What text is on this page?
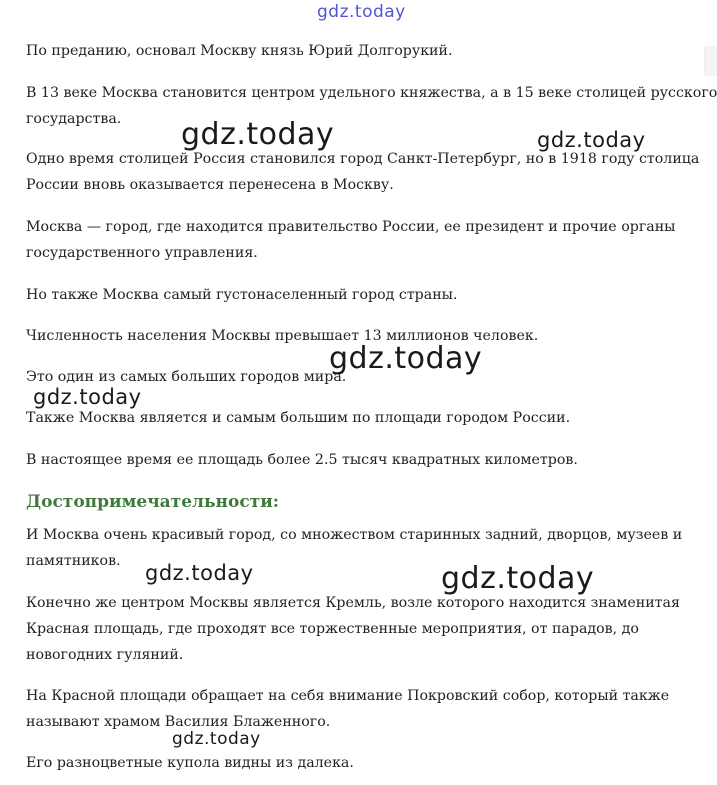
gdz.today
gdz.today	gdz.today
gdz.today
gdz.today
gdz.today	gdz.today
gdz.today

По преданию, основал Москву князь Юрий Долгорукий.

В 13 веке Москва становится центром удельного княжества, а в 15 веке столицей русского
государства.

Одно время столицей Россия становился город Санкт-Петербург, но в 1918 году столица
России вновь оказывается перенесена в Москву.

Москва — город, где находится правительство России, ее президент и прочие органы
государственного управления.

Но также Москва самый густонаселенный город страны.

Численность населения Москвы превышает 13 миллионов человек.

Это один из самых больших городов мира.

Также Москва является и самым большим по площади городом России.

В настоящее время ее площадь более 2.5 тысяч квадратных километров.

Достопримечательности:

И Москва очень красивый город, со множеством старинных задний, дворцов, музеев и
памятников.

Конечно же центром Москвы является Кремль, возле которого находится знаменитая
Красная площадь, где проходят все торжественные мероприятия, от парадов, до
новогодних гуляний.

На Красной площади обращает на себя внимание Покровский собор, который также
называют храмом Василия Блаженного.

Его разноцветные купола видны из далека.
